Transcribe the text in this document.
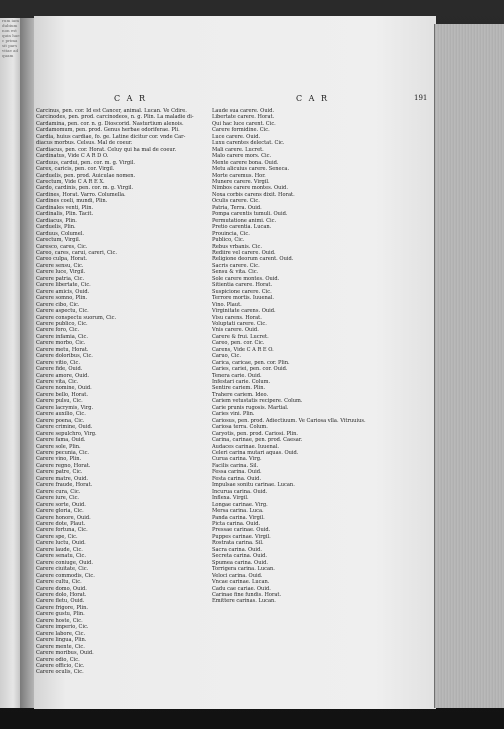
rum iam dubium non est quin haec prima sit pars vitae ad quam
C A R	C A R	191
Carcinus, pen. cor. Id est Cancer, animal. Lucan. Ve Cdire.
Carcinodes, pen. prod. carcinodeos, n. g. Plin. La maladie di-
Cardamina, pen. cor. n. g. Dioscorid. Nasturtium alenois.
Cardamomum, pen. prod. Genus herbae odoriferae. Pli.
Cardia, huius cardiae, fo. ge. Latine dicitur cor. vnde Car-
diacus morbus. Celsus. Mal de coeur.
Cardiacus, pen. cor. Horat. Celuy qui ha mal de coeur.
Cardinatus, Vide C A R D O.
Carduus, cardui, pen. cor. m. g. Virgil.
Carex, caricis, pen. cor. Virgil.
Carduelis, pen. prod. Auiculae nomen.
Carectum, Vide C A R E X.
Cardo, cardinis, pen. cor. m. g. Virgil.
Cardines, Horat. Varro. Columella.
Cardines coeli, mundi, Plin.
Cardinales venti, Plin.
Cardinalis, Plin. Tacit.
Cardiacus, Plin.
Carduelis, Plin.
Carduus, Columel.
Carectum, Virgil.
Caresco, cares, Cic.
Careo, cares, carui, careri, Cic.
Careo culpa, Horat.
Carere sensu, Cic.
Carere luce, Virgil.
Carere patria, Cic.
Carere libertate, Cic.
Carere amicis, Ouid.
Carere somno, Plin.
Carere cibo, Cic.
Carere aspectu, Cic.
Carere conspectu suorum, Cic.
Carere publico, Cic.
Carere foro, Cic.
Carere infamia, Cic.
Carere morbo, Cic.
Carere metu, Horat.
Carere doloribus, Cic.
Carere vitio, Cic.
Carere fide, Ouid.
Carere amore, Ouid.
Carere vita, Cic.
Carere nomine, Ouid.
Carere bello, Horat.
Carere pulsu, Cic.
Carere lacrymis, Virg.
Carere auxilio, Cic.
Carere poena, Cic.
Carere crimine, Ouid.
Carere sepulchro, Virg.
Carere fama, Ouid.
Carere sole, Plin.
Carere pecunia, Cic.
Carere vino, Plin.
Carere regno, Horat.
Carere patre, Cic.
Carere matre, Ouid.
Carere fraude, Horat.
Carere cura, Cic.
Carere iure, Cic.
Carere sorte, Ouid.
Carere gloria, Cic.
Carere honore, Ouid.
Carere dote, Plaut.
Carere fortuna, Cic.
Carere spe, Cic.
Carere luctu, Ouid.
Carere laude, Cic.
Carere senatu, Cic.
Carere coniuge, Ouid.
Carere ciuitate, Cic.
Carere commodis, Cic.
Carere cultu, Cic.
Carere domo, Ouid.
Carere dolo, Horat.
Carere fletu, Ouid.
Carere frigore, Plin.
Carere gustu, Plin.
Carere hoste, Cic.
Carere imperio, Cic.
Carere labore, Cic.
Carere lingua, Plin.
Carere mente, Cic.
Carere moribus, Ouid.
Carere odio, Cic.
Carere officio, Cic.
Carere oculis, Cic.
Laude sua carere. Ouid.
Libertate carere. Horat.
Qui hac luce carent. Cic.
Carere formidine. Cic.
Luce carere. Ouid.
Luxu carentes delectat. Cic.
Mali carere. Lucret.
Malo carere mors. Cic.
Mente carere bona. Ouid.
Metu alicuius carere. Seneca.
Morte caremus. Hor.
Munere carere. Virgil.
Nimbos carere montes. Ouid.
Noxa corbis carens dixit. Horat.
Oculis carere. Cic.
Patria, Terra. Ouid.
Pompa carentis tumuli. Ouid.
Permutatione animi. Cic.
Pretio carentia. Lucan.
Prouincia, Cic.
Publico, Cic.
Rebus vrbanis. Cic.
Rediire vel carere. Ouid.
Religione deorum carent. Ouid.
Sacris carere. Cic.
Sensu & vita. Cic.
Sole carere montes. Ouid.
Sitientia carere. Horat.
Suspicione carere. Cic.
Terrore mortis. Iuuenal.
Vino. Plaut.
Virginitate carens. Ouid.
Visu carens. Horat.
Voluptati carere. Cic.
Vnis carere. Ouid.
Carere & frui. Lucret.
Careo, pen. cor. Cic.
Carens, Vide C A R E O.
Caruo, Cic.
Carica, caricae, pen. cor. Plin.
Caries, cariei, pen. cor. Ouid.
Tenera carie. Ouid.
Infestari carie. Colum.
Sentire cariem. Plin.
Trahere cariem. Ideo.
Cariem vetustatis recipere. Colum.
Carie prunis rugosis. Martial.
Caries vini. Plin.
Cariosus, pen. prod. Adiectiuum. Ve Cariosa vlla. Vitruuius.
Cariosa terra. Colum.
Caryotis, pen. prod. Cariosi. Plin.
Carina, carinae, pen. prod. Caesar.
Audaces carinae. Iuuenal.
Celeri carina mutari aquas. Ouid.
Curua carina. Virg.
Facilis carina. Sil.
Fessa carina. Ouid.
Festa carina. Ouid.
Impulsae sonitu carinae. Lucan.
Incurua carina. Ouid.
Inflexa. Virgil.
Longae carinae. Virg.
Mersa carina. Luca.
Panda carina. Virgil.
Picta carina. Ouid.
Pressae carinae. Ouid.
Puppes carinae. Virgil.
Rostrata carina. Sil.
Sacra carina. Ouid.
Secreta carina. Ouid.
Spumea carina. Ouid.
Torrigera carina. Lucan.
Veloci carina. Ouid.
Vncae carinae. Lucan.
Cadu cae cariae. Ouid.
Carinae fine fundis. Horat.
Emittere carinas. Lucan.
